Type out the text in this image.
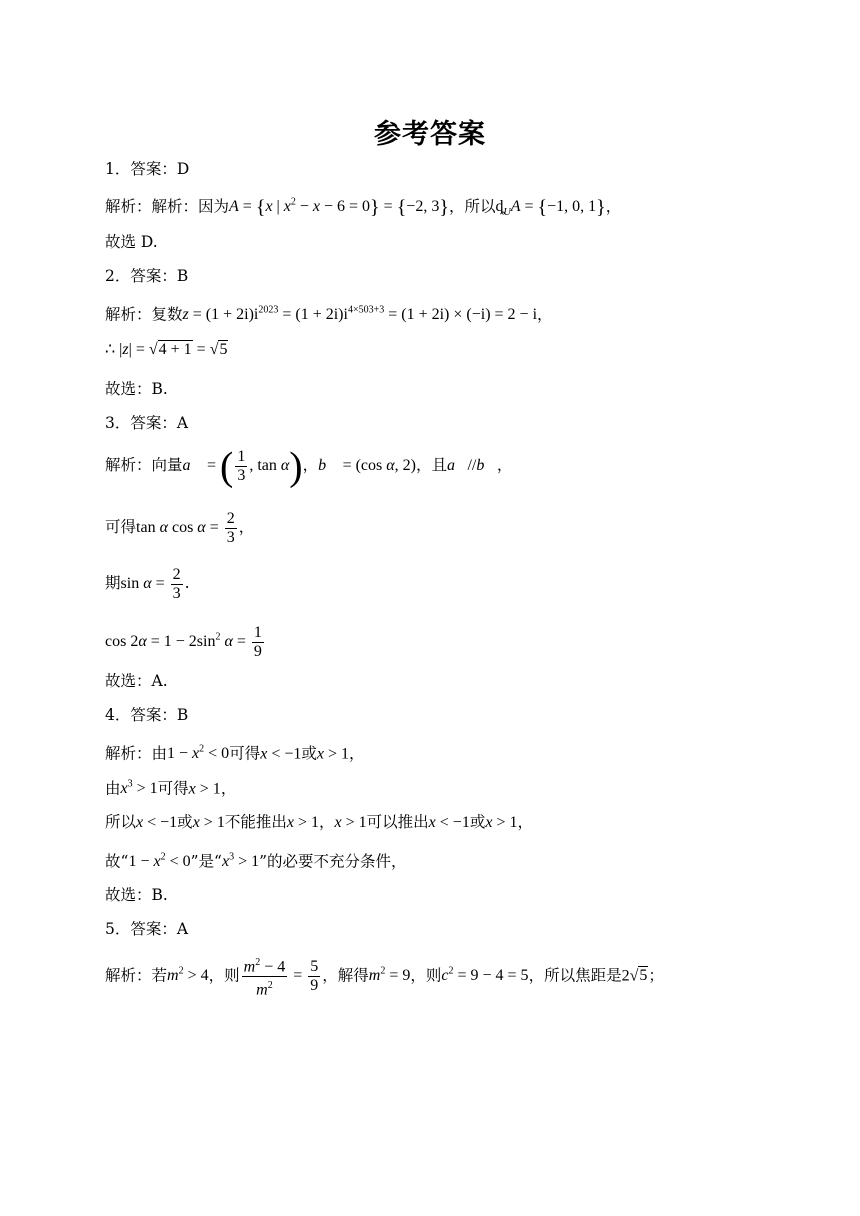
参考答案
1．答案：D
解析：解析：因为A = {x | $x^2 - x - 6 = 0\} = \{-2$, 3}，所以$ȡ_UA = \{-1$, 0, 1}，
故选 D.
2．答案：B
解析：复数$z = (1 + 2i)i^{2023} = (1 + 2i)i^{4\times 503+3} = (1 + 2i) \times (-i) = 2 - i$，
∴ |z| = √4 + 1 = √5
故选：B.
3．答案：A
解析：向量a⃗ = ( $\frac{1}{3}$ , tan α)，b⃗ = (cos α, 2)，且a⃗//b⃗，
可得tan α $\cos \alpha = \frac{2}{3}$ ，
期$\sin \alpha = \frac{2}{3}$ .
$\cos 2\alpha = 1 - 2\sin^2$ $\alpha = \frac{1}{9}$
故选：A.
4．答案：B
解析：由$1 - x^2 < 0$可得x < −1或x > 1，
由$x^3 > 1$可得x > 1，
所以x < −1或x > 1不能推出x > 1，x > 1可以推出x < −1或x > 1，
故“$1 - x^2 < 0$”是“$x^3 > 1$”的必要不充分条件，
故选：B.
5．答案：A
解析：若$m^2 > 4$，则 $\frac{m^2 - 4}{m^2} = \frac{5}{9}$ ，解得$m^2 = 9$，则$c^2 = 9 - 4 = 5$，所以焦距是2√5；
